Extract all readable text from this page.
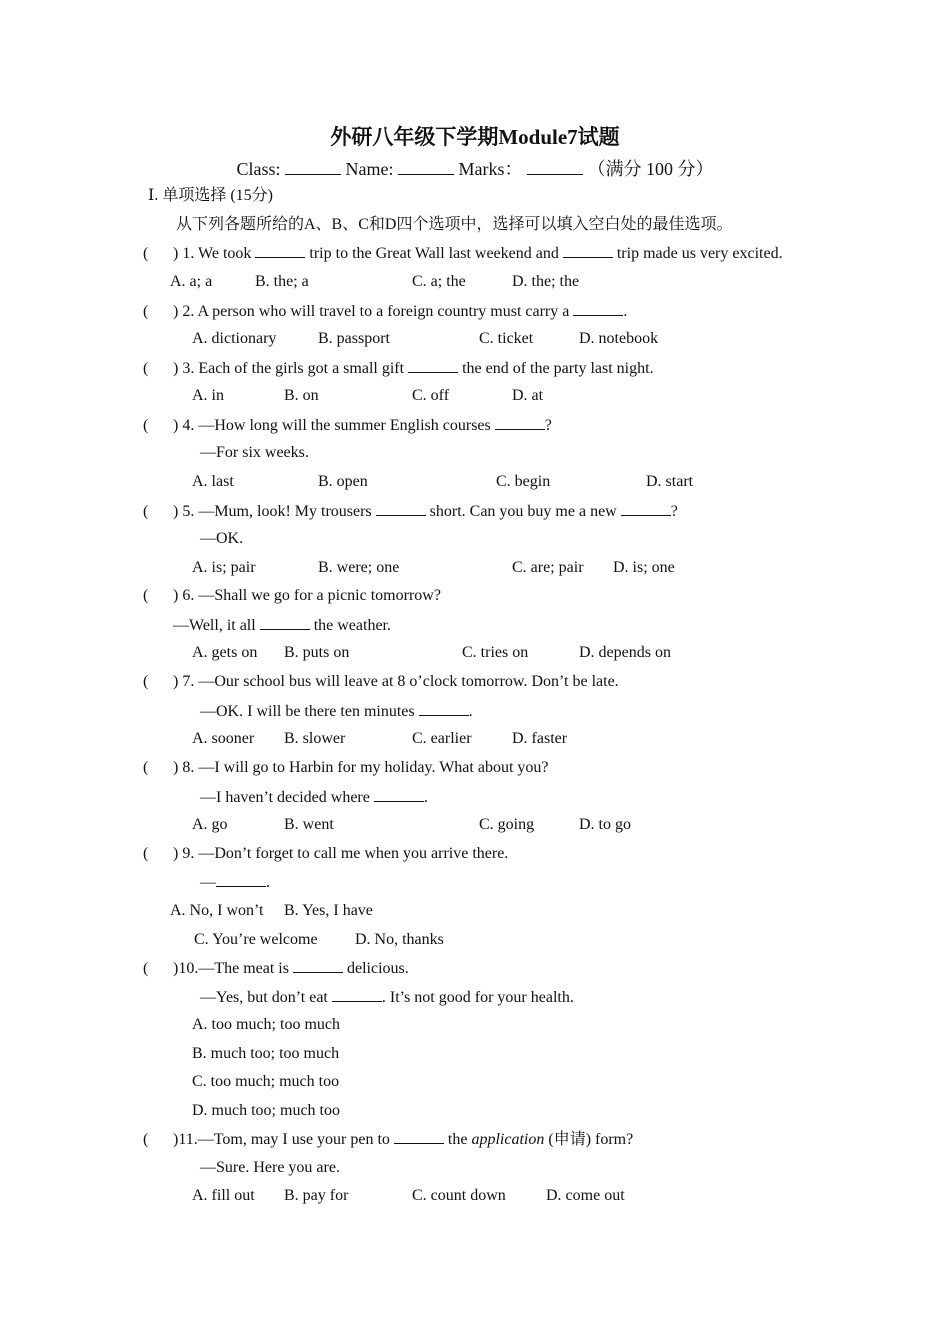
外研八年级下学期Module7试题
Class:	Name:	Marks：	（满分 100 分）
Ⅰ. 单项选择 (15分)
从下列各题所给的A、B、C和D四个选项中，选择可以填入空白处的最佳选项。
( ) 1. We took	trip to the Great Wall last weekend and	trip made us very excited.
A. a; a	B. the; a	C. a; the	D. the; the
( ) 2. A person who will travel to a foreign country must carry a	.
A. dictionary	B. passport	C. ticket	D. notebook
( ) 3. Each of the girls got a small gift	the end of the party last night.
A. in	B. on	C. off	D. at
( ) 4. —How long will the summer English courses	?
—For six weeks.
A. last	B. open	C. begin	D. start
( ) 5. —Mum, look! My trousers	short. Can you buy me a new	?
—OK.
A. is; pair	B. were; one	C. are; pair D. is; one
( ) 6. —Shall we go for a picnic tomorrow?
—Well, it all	the weather.
A. gets on B. puts on	C. tries on	D. depends on
( ) 7. —Our school bus will leave at 8 o’clock tomorrow. Don’t be late.
—OK. I will be there ten minutes	.
A. sooner B. slower	C. earlier	D. faster
( ) 8. —I will go to Harbin for my holiday. What about you?
—I haven’t decided where	.
A. go	B. went	C. going	D. to go
( ) 9. —Don’t forget to call me when you arrive there.
—	.
A. No, I won’t B. Yes, I have
C. You’re welcome D. No, thanks
( )10.—The meat is	delicious.
—Yes, but don’t eat	. It’s not good for your health.
A. too much; too much
B. much too; too much
C. too much; much too
D. much too; much too
( )11.—Tom, may I use your pen to	the application (申请) form?
—Sure. Here you are.
A. fill out B. pay for	C. count down	D. come out
